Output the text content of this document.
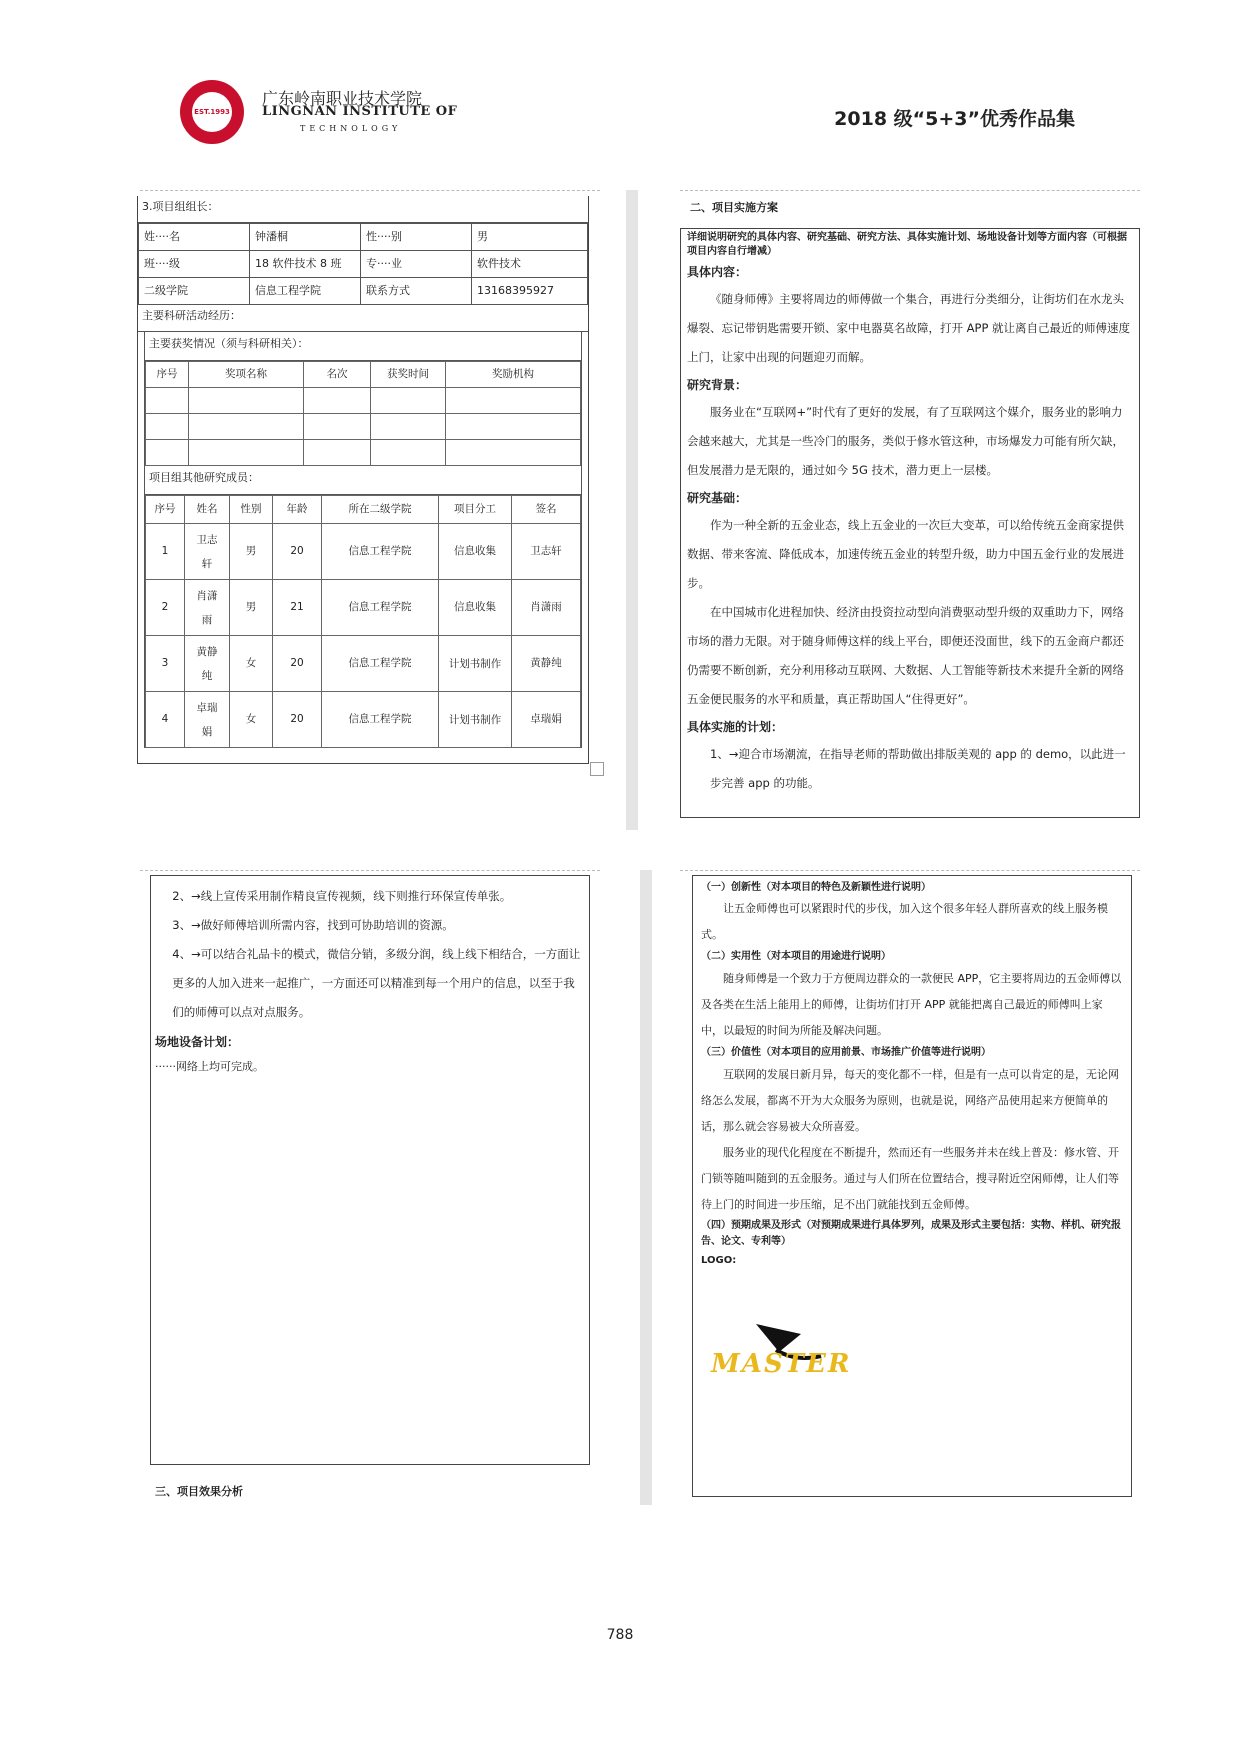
EST.1993
广东岭南职业技术学院
LINGNAN INSTITUTE OF
TECHNOLOGY	2018 级“5+3”优秀作品集
3.项目组组长：
姓····名	钟潘桐	性····别	男
班····级	18 软件技术 8 班	专····业	软件技术
二级学院	信息工程学院	联系方式	13168395927
主要科研活动经历：
主要获奖情况（须与科研相关）：
序号	奖项名称	名次	获奖时间	奖励机构

项目组其他研究成员：
序号	姓名	性别	年龄	所在二级学院	项目分工	签名
1	卫志轩	男	20	信息工程学院	信息收集	卫志轩
2	肖潇雨	男	21	信息工程学院	信息收集	肖潇雨
3	黄静纯	女	20	信息工程学院	计划书制作	黄静纯
4	卓瑞娟	女	20	信息工程学院	计划书制作	卓瑞娟
二、项目实施方案
详细说明研究的具体内容、研究基础、研究方法、具体实施计划、场地设备计划等方面内容（可根据项目内容自行增减）
具体内容：

《随身师傅》主要将周边的师傅做一个集合，再进行分类细分，让街坊们在水龙头爆裂、忘记带钥匙需要开锁、家中电器莫名故障，打开 APP 就让离自己最近的师傅速度上门，让家中出现的问题迎刃而解。

研究背景：

服务业在“互联网+”时代有了更好的发展，有了互联网这个媒介，服务业的影响力会越来越大，尤其是一些冷门的服务，类似于修水管这种，市场爆发力可能有所欠缺，但发展潜力是无限的，通过如今 5G 技术，潜力更上一层楼。

研究基础：

作为一种全新的五金业态，线上五金业的一次巨大变革，可以给传统五金商家提供数据、带来客流、降低成本，加速传统五金业的转型升级，助力中国五金行业的发展进步。

在中国城市化进程加快、经济由投资拉动型向消费驱动型升级的双重助力下，网络市场的潜力无限。对于随身师傅这样的线上平台，即便还没面世，线下的五金商户都还仍需要不断创新，充分利用移动互联网、大数据、人工智能等新技术来提升全新的网络五金便民服务的水平和质量，真正帮助国人“住得更好”。

具体实施的计划：

1、→迎合市场潮流，在指导老师的帮助做出排版美观的 app 的 demo，以此进一步完善 app 的功能。

2、→线上宣传采用制作精良宣传视频，线下则推行环保宣传单张。

3、→做好师傅培训所需内容，找到可协助培训的资源。

4、→可以结合礼品卡的模式，微信分销，多级分润，线上线下相结合，一方面让更多的人加入进来一起推广，一方面还可以精准到每一个用户的信息，以至于我们的师傅可以点对点服务。

场地设备计划：

······网络上均可完成。

三、项目效果分析
（一）创新性（对本项目的特色及新颖性进行说明）

让五金师傅也可以紧跟时代的步伐，加入这个很多年轻人群所喜欢的线上服务模式。

（二）实用性（对本项目的用途进行说明）

随身师傅是一个致力于方便周边群众的一款便民 APP，它主要将周边的五金师傅以及各类在生活上能用上的师傅，让街坊们打开 APP 就能把离自己最近的师傅叫上家中，以最短的时间为所能及解决问题。

（三）价值性（对本项目的应用前景、市场推广价值等进行说明）

互联网的发展日新月异，每天的变化都不一样，但是有一点可以肯定的是，无论网络怎么发展，都离不开为大众服务为原则，也就是说，网络产品使用起来方便简单的话，那么就会容易被大众所喜爱。

服务业的现代化程度在不断提升，然而还有一些服务并未在线上普及：修水管、开门锁等随叫随到的五金服务。通过与人们所在位置结合，搜寻附近空闲师傅，让人们等待上门的时间进一步压缩，足不出门就能找到五金师傅。

（四）预期成果及形式（对预期成果进行具体罗列，成果及形式主要包括：实物、样机、研究报告、论文、专利等）
LOGO:
MASTER
788
